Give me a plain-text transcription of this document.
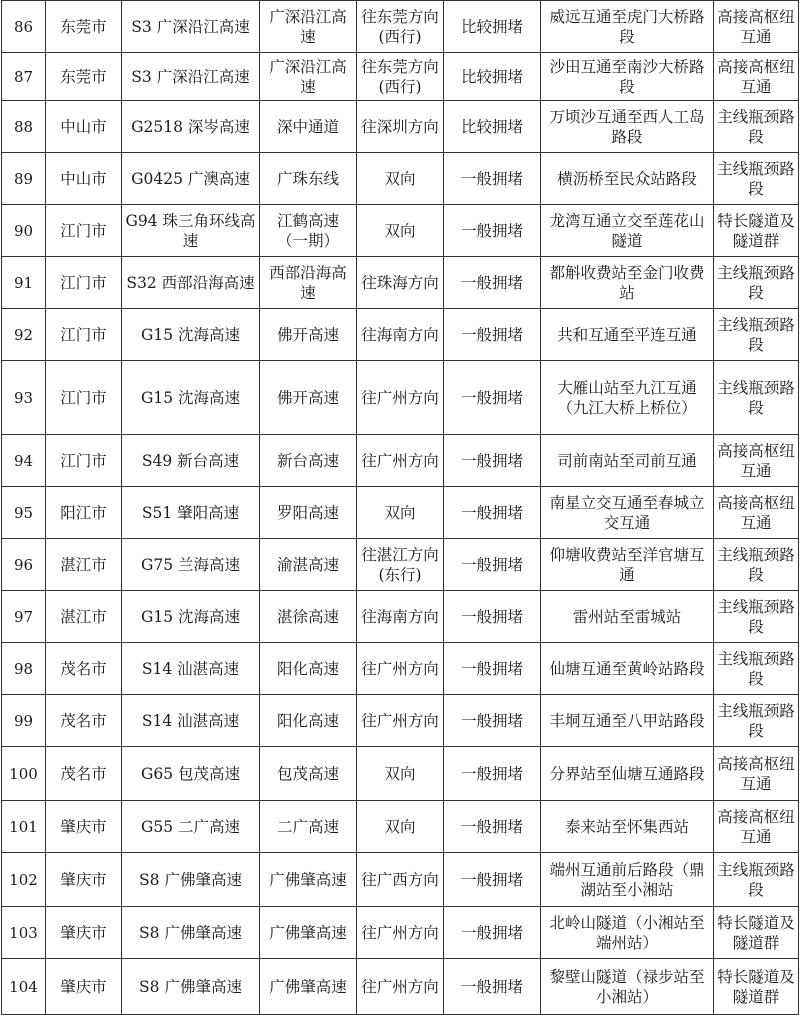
86	东莞市	S3 广深沿江高速	广深沿江高速	往东莞方向(西行)	比较拥堵	威远互通至虎门大桥路段	高接高枢纽互通
87	东莞市	S3 广深沿江高速	广深沿江高速	往东莞方向(西行)	比较拥堵	沙田互通至南沙大桥路段	高接高枢纽互通
88	中山市	G2518 深岑高速	深中通道	往深圳方向	比较拥堵	万顷沙互通至西人工岛路段	主线瓶颈路段
89	中山市	G0425 广澳高速	广珠东线	双向	一般拥堵	横沥桥至民众站路段	主线瓶颈路段
90	江门市	G94 珠三角环线高速	江鹤高速（一期）	双向	一般拥堵	龙湾互通立交至莲花山隧道	特长隧道及隧道群
91	江门市	S32 西部沿海高速	西部沿海高速	往珠海方向	一般拥堵	都斛收费站至金门收费站	主线瓶颈路段
92	江门市	G15 沈海高速	佛开高速	往海南方向	一般拥堵	共和互通至平连互通	主线瓶颈路段
93	江门市	G15 沈海高速	佛开高速	往广州方向	一般拥堵	大雁山站至九江互通（九江大桥上桥位）	主线瓶颈路段
94	江门市	S49 新台高速	新台高速	往广州方向	一般拥堵	司前南站至司前互通	高接高枢纽互通
95	阳江市	S51 肇阳高速	罗阳高速	双向	一般拥堵	南星立交互通至春城立交互通	高接高枢纽互通
96	湛江市	G75 兰海高速	渝湛高速	往湛江方向(东行)	一般拥堵	仰塘收费站至洋官塘互通	主线瓶颈路段
97	湛江市	G15 沈海高速	湛徐高速	往海南方向	一般拥堵	雷州站至雷城站	主线瓶颈路段
98	茂名市	S14 汕湛高速	阳化高速	往广州方向	一般拥堵	仙塘互通至黄岭站路段	主线瓶颈路段
99	茂名市	S14 汕湛高速	阳化高速	往广州方向	一般拥堵	丰垌互通至八甲站路段	主线瓶颈路段
100	茂名市	G65 包茂高速	包茂高速	双向	一般拥堵	分界站至仙塘互通路段	高接高枢纽互通
101	肇庆市	G55 二广高速	二广高速	双向	一般拥堵	泰来站至怀集西站	高接高枢纽互通
102	肇庆市	S8 广佛肇高速	广佛肇高速	往广西方向	一般拥堵	端州互通前后路段（鼎湖站至小湘站	主线瓶颈路段
103	肇庆市	S8 广佛肇高速	广佛肇高速	往广州方向	一般拥堵	北岭山隧道（小湘站至端州站）	特长隧道及隧道群
104	肇庆市	S8 广佛肇高速	广佛肇高速	往广州方向	一般拥堵	黎壁山隧道（禄步站至小湘站）	特长隧道及隧道群
